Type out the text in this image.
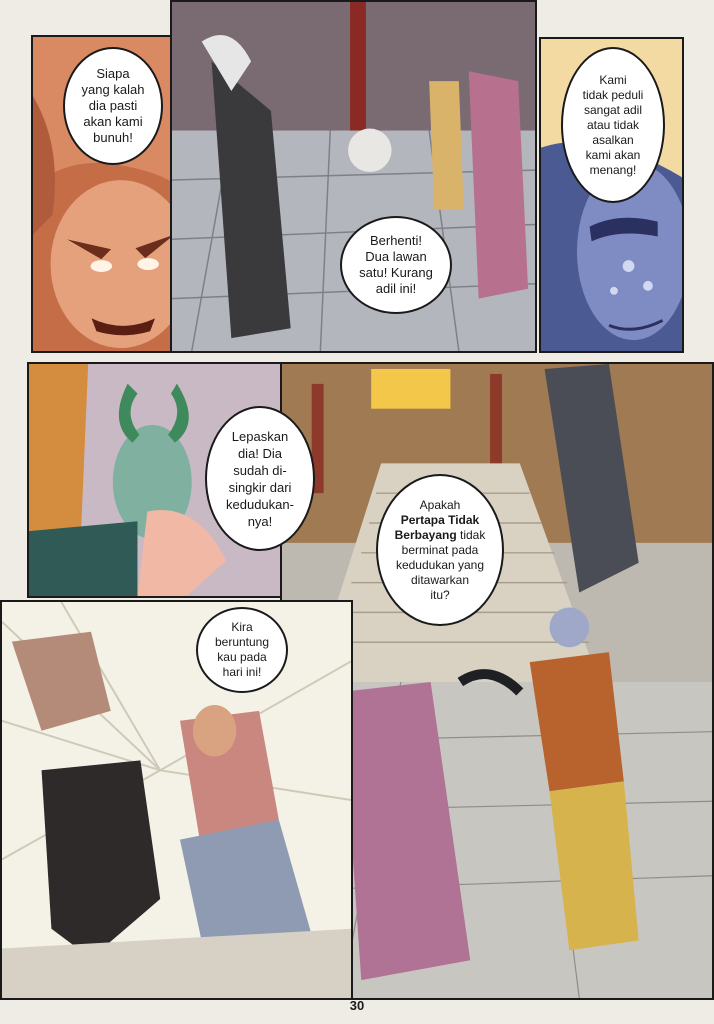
Siapa
yang kalah
dia pasti
akan kami
bunuh!
Berhenti!
Dua lawan
satu! Kurang
adil ini!
Kami
tidak peduli
sangat adil
atau tidak
asalkan
kami akan
menang!
Lepaskan
dia! Dia
sudah di-
singkir dari
kedudukan-
nya!
Apakah
Pertapa Tidak
Berbayang tidak
berminat pada
kedudukan yang
ditawarkan
itu?
Kira
beruntung
kau pada
hari ini!
30
